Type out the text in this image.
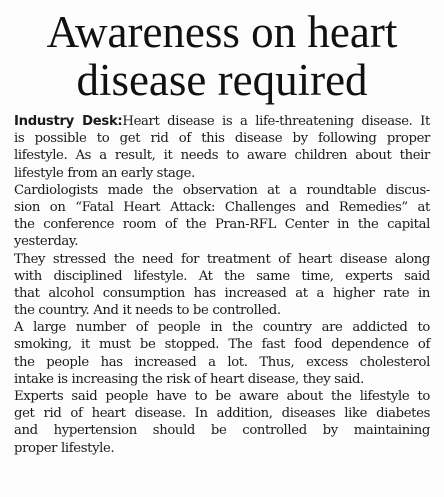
Awareness on heart
disease required
Industry Desk:Heart disease is a life-threatening disease. It
is possible to get rid of this disease by following proper
lifestyle. As a result, it needs to aware children about their
lifestyle from an early stage.
Cardiologists made the observation at a roundtable discus-
sion on “Fatal Heart Attack: Challenges and Remedies” at
the conference room of the Pran-RFL Center in the capital
yesterday.
They stressed the need for treatment of heart disease along
with disciplined lifestyle. At the same time, experts said
that alcohol consumption has increased at a higher rate in
the country. And it needs to be controlled.
A large number of people in the country are addicted to
smoking, it must be stopped. The fast food dependence of
the people has increased a lot. Thus, excess cholesterol
intake is increasing the risk of heart disease, they said.
Experts said people have to be aware about the lifestyle to
get rid of heart disease. In addition, diseases like diabetes
and hypertension should be controlled by maintaining
proper lifestyle.
